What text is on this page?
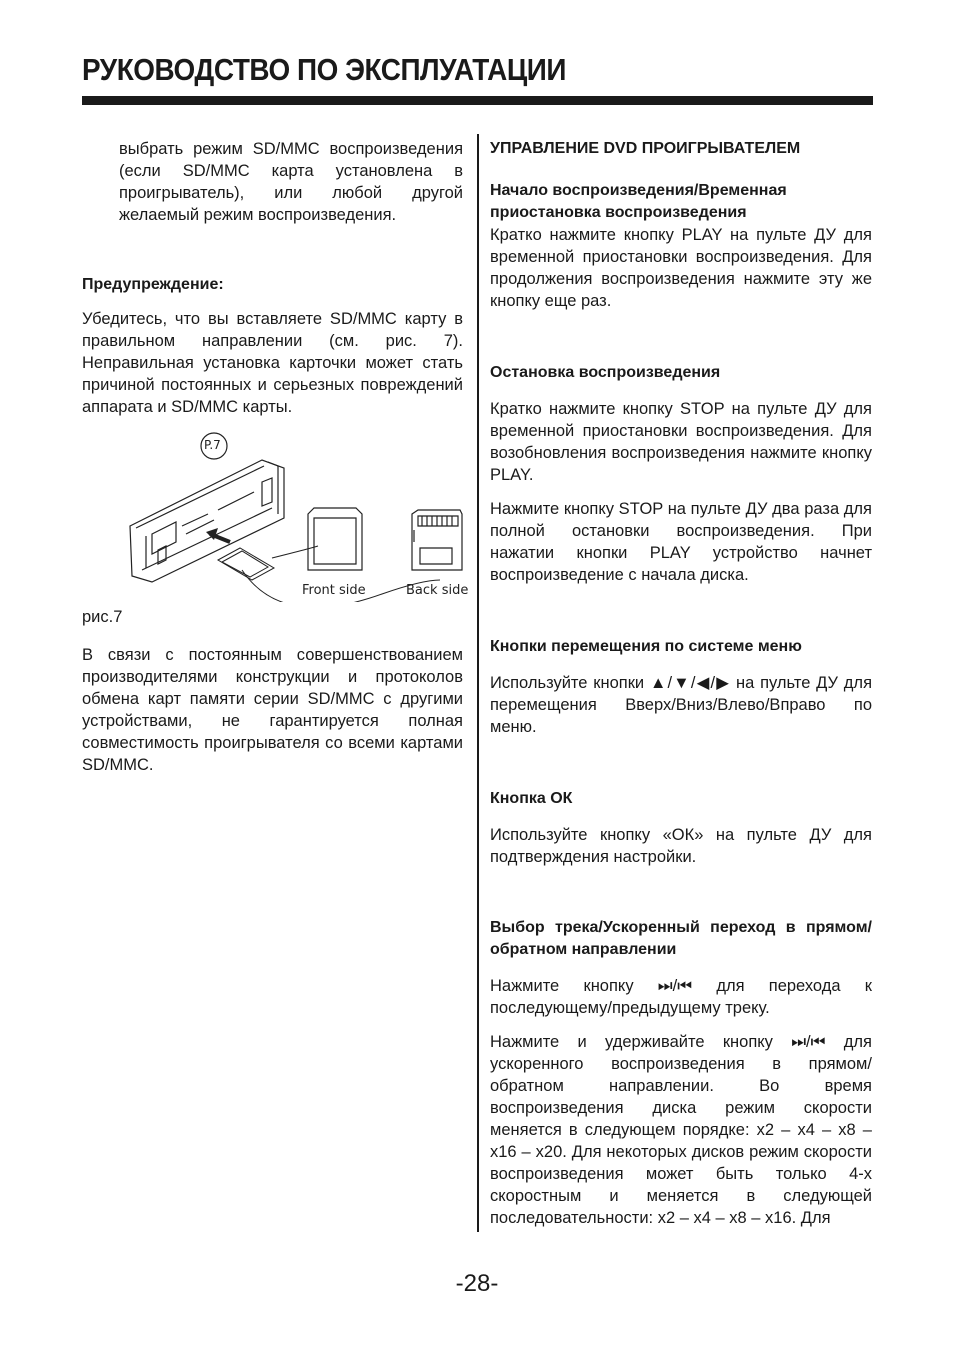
РУКОВОДСТВО ПО ЭКСПЛУАТАЦИИ

выбрать режим SD/MMC воспроизведения (если SD/MMC карта установлена в проигрыватель), или любой другой желаемый режим воспроизведения.

Предупреждение:

Убедитесь, что вы вставляете SD/MMC карту в правильном направлении (см. рис. 7). Неправильная установка карточки может стать причиной постоянных и серьезных повреждений аппарата и SD/MMC карты.

P.7
Front side	Back side
рис.7

В связи с постоянным совершенствованием производителями конструкции и протоколов обмена карт памяти серии SD/MMC с другими устройствами, не гарантируется полная совместимость проигрывателя со всеми картами SD/MMC.

УПРАВЛЕНИЕ DVD ПРОИГРЫВАТЕЛЕМ
Начало воспроизведения/Временная приостановка воспроизведения

Кратко нажмите кнопку PLAY на пульте ДУ для временной приостановки воспроизведения. Для продолжения воспроизведения нажмите эту же кнопку еще раз.

Остановка воспроизведения

Кратко нажмите кнопку STOP на пульте ДУ для временной приостановки воспроизведения. Для возобновления воспроизведения нажмите кнопку PLAY.

Нажмите кнопку STOP на пульте ДУ два раза для полной остановки воспроизведения. При нажатии кнопки PLAY устройство начнет воспроизведение с начала диска.

Кнопки перемещения по системе меню

Используйте кнопки ▲/▼/◀/▶ на пульте ДУ для перемещения Вверх/Вниз/Влево/Вправо по меню.

Кнопка ОК

Используйте кнопку «ОК» на пульте ДУ для подтверждения настройки.

Выбор трека/Ускоренный переход в прямом/обратном направлении

Нажмите кнопку ⏭/⏮ для перехода к последующему/предыдущему треку.

Нажмите и удерживайте кнопку ⏭/⏮ для ускоренного воспроизведения в прямом/обратном направлении. Во время воспроизведения диска режим скорости меняется в следующем порядке: x2 – x4 – x8 – x16 – x20. Для некоторых дисков режим скорости воспроизведения может быть только 4-х скоростным и меняется в следующей последовательности: x2 – x4 – x8 – x16. Для

-28-
